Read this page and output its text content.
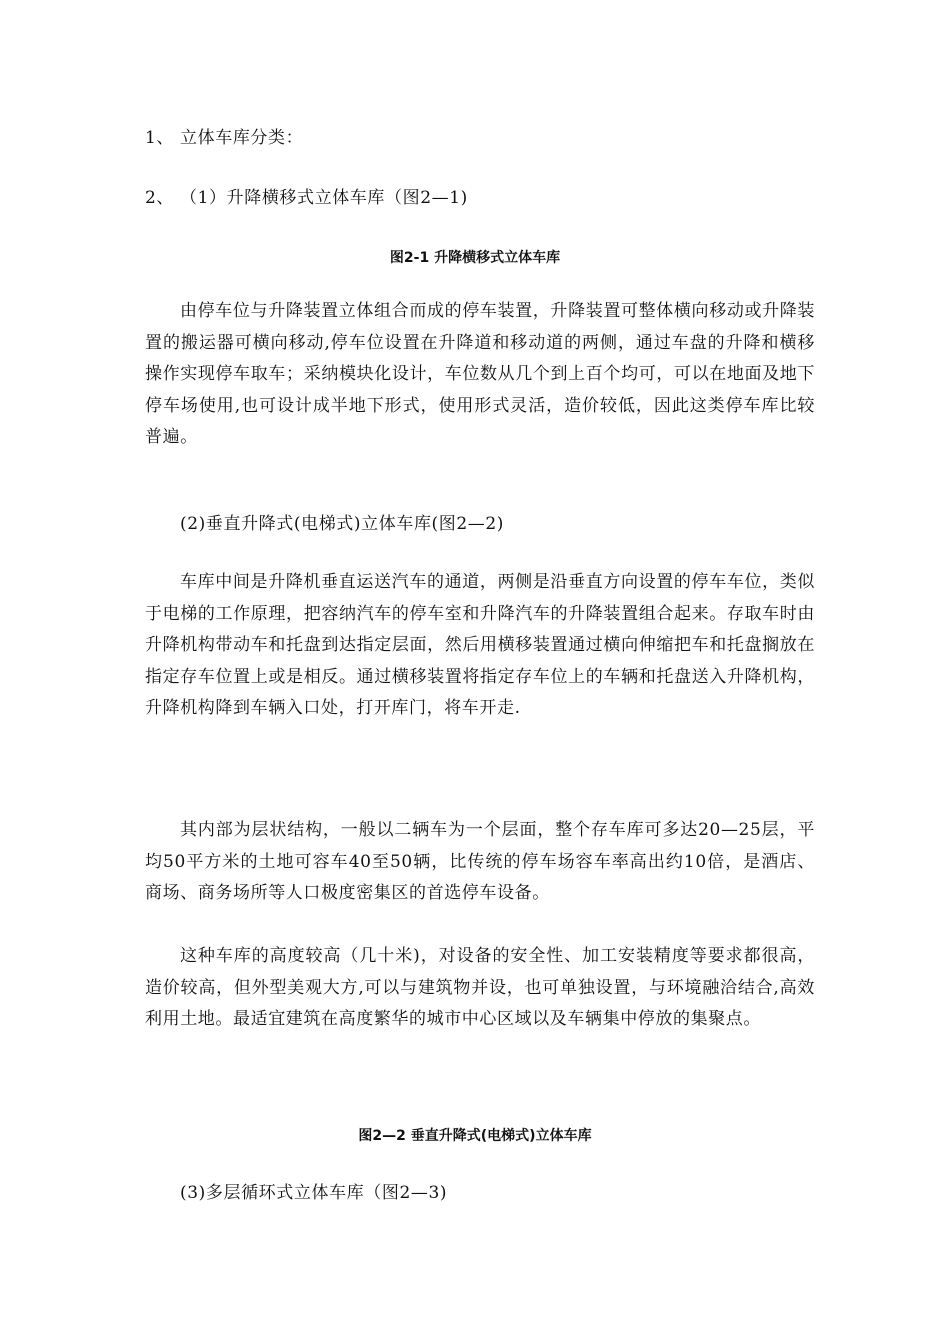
1、 立体车库分类：
2、 （1）升降横移式立体车库（图2—1)
图2-1 升降横移式立体车库
由停车位与升降装置立体组合而成的停车装置，升降装置可整体横向移动或升降装置的搬运器可横向移动,停车位设置在升降道和移动道的两侧，通过车盘的升降和横移操作实现停车取车；采纳模块化设计，车位数从几个到上百个均可，可以在地面及地下停车场使用,也可设计成半地下形式，使用形式灵活，造价较低，因此这类停车库比较普遍。
(2)垂直升降式(电梯式)立体车库(图2—2)
车库中间是升降机垂直运送汽车的通道，两侧是沿垂直方向设置的停车车位，类似于电梯的工作原理，把容纳汽车的停车室和升降汽车的升降装置组合起来。存取车时由升降机构带动车和托盘到达指定层面，然后用横移装置通过横向伸缩把车和托盘搁放在指定存车位置上或是相反。通过横移装置将指定存车位上的车辆和托盘送入升降机构，升降机构降到车辆入口处，打开库门，将车开走.
其内部为层状结构，一般以二辆车为一个层面，整个存车库可多达20—25层，平均50平方米的土地可容车40至50辆，比传统的停车场容车率高出约10倍，是酒店、商场、商务场所等人口极度密集区的首选停车设备。
这种车库的高度较高（几十米)，对设备的安全性、加工安装精度等要求都很高，造价较高，但外型美观大方,可以与建筑物并设，也可单独设置，与环境融洽结合,高效利用土地。最适宜建筑在高度繁华的城市中心区域以及车辆集中停放的集聚点。
图2—2 垂直升降式(电梯式)立体车库
(3)多层循环式立体车库（图2—3)
